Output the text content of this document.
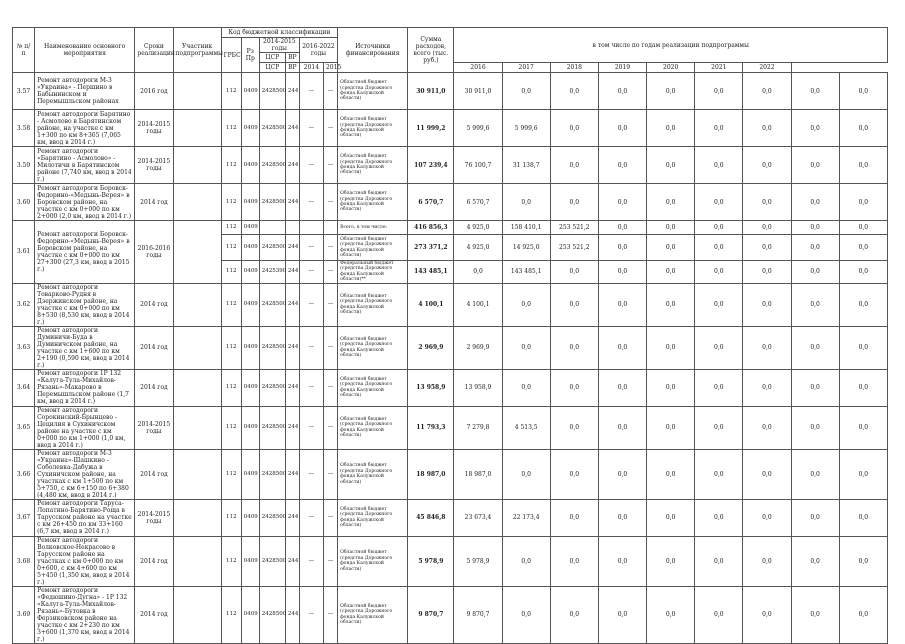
№ п/п	Наименование основного мероприятия	Сроки реализации	Участник подпрограммы	Код бюджетной классификации						Источники финансирования	Сумма расходов, всего (тыс. руб.)	в том числе по годам реализации подпрограммы								
				ГРБС	Рз Пр	2014-2015 годы		2016-2022 годы												
						ЦСР	ВР													
						ЦСР	ВР	2014	2015			2016	2017	2018	2019	2020	2021	2022		
3.57	Ремонт автодороги М-3 «Украина» - Першино в Бабынинском и Перемышльском районах	2016 год		112	0409	2428500	244	—	—	Областной бюджет (средства Дорожного фонда Калужской области)	30 911,0	30 911,0	0,0	0,0	0,0	0,0	0,0	0,0	0,0	0,0
3.58	Ремонт автодороги Барятино - Асмолово в Барятинском районе, на участке с км 1+300 по км 8+365 (7,065 км, ввод в 2014 г.)	2014-2015 годы		112	0409	2428500	244	—	—	Областной бюджет (средства Дорожного фонда Калужской области)	11 999,2	5 999,6	5 999,6	0,0	0,0	0,0	0,0	0,0	0,0	0,0
3.59	Ремонт автодороги «Барятино - Асмолово» - Милотичи в Барятинском районе (7,740 км, ввод в 2014 г.)	2014-2015 годы		112	0409	2428500	244	—	—	Областной бюджет (средства Дорожного фонда Калужской области)	107 239,4	76 100,7	31 138,7	0,0	0,0	0,0	0,0	0,0	0,0	0,0
3.60	Ремонт автодороги Боровск-Федорино-«Медынь-Верея» в Боровском районе, на участке с км 0+000 по км 2+000 (2,0 км, ввод в 2014 г.)	2014 год		112	0409	2428500	244	—	—	Областной бюджет (средства Дорожного фонда Калужской области)	6 570,7	6 570,7	0,0	0,0	0,0	0,0	0,0	0,0	0,0	0,0
3.61	Ремонт автодороги Боровск-Федорино-«Медынь-Верея» в Боровском районе, на участке с км 0+000 по км 27+300 (27,3 км, ввод в 2015 г.)	2016-2016 годы		112	0409					Всего, в том числе:	416 856,3	4 925,0	158 410,1	253 521,2	0,0	0,0	0,0	0,0	0,0	0,0
				112	0409	2428500	244	—	—	Областной бюджет (средства Дорожного фонда Калужской области)	273 371,2	4 925,0	14 925,0	253 521,2	0,0	0,0	0,0	0,0	0,0	0,0
				112	0409	2425390	244	—	—	Федеральный бюджет (средства Дорожного фонда Калужской области)**	143 485,1	0,0	143 485,1	0,0	0,0	0,0	0,0	0,0	0,0	0,0
3.62	Ремонт автодороги Товарково-Рудня в Дзержинском районе, на участке с км 0+000 по км 8+530 (8,530 км, ввод в 2014 г.)	2014 год		112	0409	2428500	244	—	—	Областной бюджет (средства Дорожного фонда Калужской области)	4 100,1	4 100,1	0,0	0,0	0,0	0,0	0,0	0,0	0,0	0,0
3.63	Ремонт автодороги Думиничи-Буда в Думиничском районе, на участке с км 1+600 по км 2+190 (0,590 км, ввод в 2014 г.)	2014 год		112	0409	2428500	244	—	—	Областной бюджет (средства Дорожного фонда Калужской области)	2 969,9	2 969,9	0,0	0,0	0,0	0,0	0,0	0,0	0,0	0,0
3.64	Ремонт автодороги 1Р 132 «Калуга-Тула-Михайлов-Рязань»-Макарово в Перемышльском районе (1,7 км, ввод в 2014 г.)	2014 год		112	0409	2428500	244	—	—	Областной бюджет (средства Дорожного фонда Калужской области)	13 958,9	13 958,9	0,0	0,0	0,0	0,0	0,0	0,0	0,0	0,0
3.65	Ремонт автодороги Сорокинский-Брынцево - Цецилия в Сухиничском районе на участке с км 0+000 по км 1+000 (1,0 км, ввод в 2014 г.)	2014-2015 годы		112	0409	2428500	244	—	—	Областной бюджет (средства Дорожного фонда Калужской области)	11 793,3	7 279,8	4 513,5	0,0	0,0	0,0	0,0	0,0	0,0	0,0
3.66	Ремонт автодороги М-3 «Украина»-Шашкино - Соболевка-Дабужа в Сухиничском районе, на участках с км 1+500 по км 5+750, с км 6+150 по 6+380 (4,480 км, ввод в 2014 г.)	2014 год		112	0409	2428500	244	—	—	Областной бюджет (средства Дорожного фонда Калужской области)	18 987,0	18 987,0	0,0	0,0	0,0	0,0	0,0	0,0	0,0	0,0
3.67	Ремонт автодороги Таруса-Лопатино-Барятино-Роща в Тарусском районе на участке с км 26+450 по км 33+160 (6,7 км, ввод в 2014 г.)	2014-2015 годы		112	0409	2428500	244	—	—	Областной бюджет (средства Дорожного фонда Калужской области)	45 846,8	23 673,4	22 173,4	0,0	0,0	0,0	0,0	0,0	0,0	0,0
3.68	Ремонт автодороги Волковское-Некрасово в Тарусском районе на участках с км 0+000 по км 0+600, с км 4+600 по км 5+450 (1,350 км, ввод в 2014 г.)	2014 год		112	0409	2428500	244	—	—	Областной бюджет (средства Дорожного фонда Калужской области)	5 978,9	5 978,9	0,0	0,0	0,0	0,0	0,0	0,0	0,0	0,0
3.69	Ремонт автодороги «Федюшино-Дугна» - 1Р 132 «Калуга-Тула-Михайлов-Рязань»-Бутовка в Ферзиковском районе на участке с км 2+230 по км 3+600 (1,370 км, ввод в 2014 г.)	2014 год		112	0409	2428500	244	—	—	Областной бюджет (средства Дорожного фонда Калужской области)	9 870,7	9 870,7	0,0	0,0	0,0	0,0	0,0	0,0	0,0	0,0
